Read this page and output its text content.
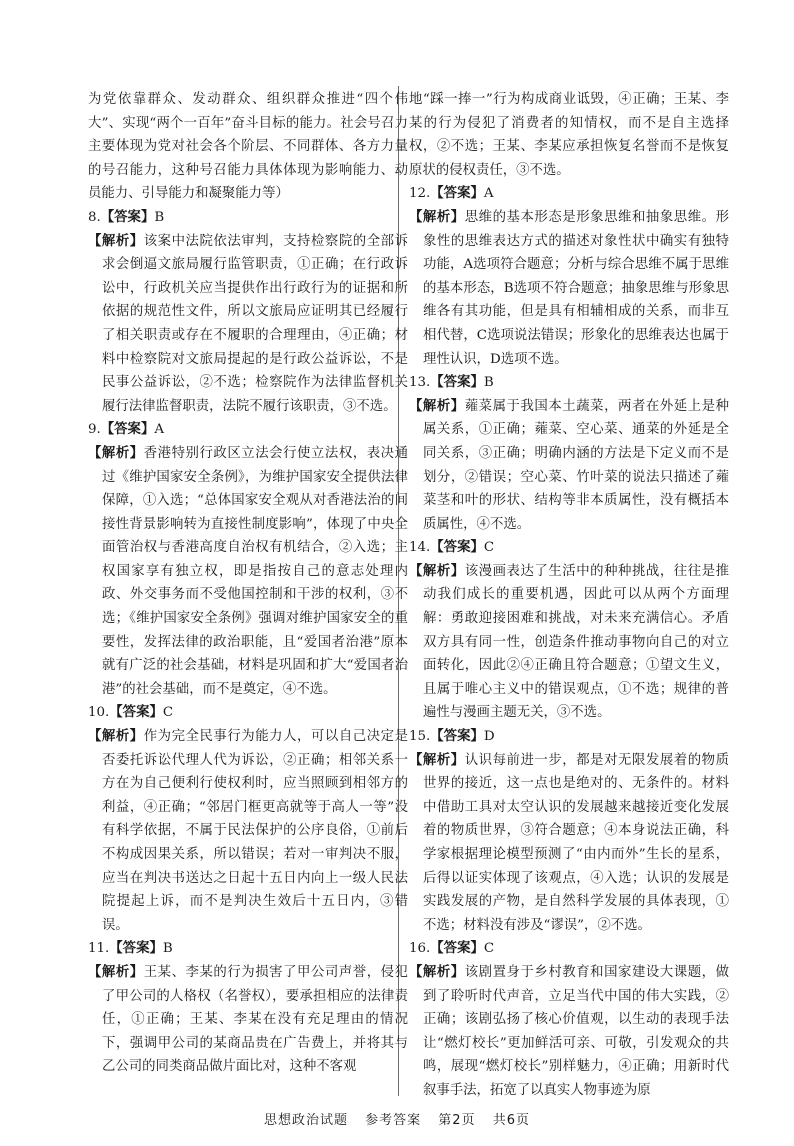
为党依靠群众、发动群众、组织群众推进“四个伟大”、实现“两个一百年”奋斗目标的能力。社会号召力主要体现为党对社会各个阶层、不同群体、各方力量的号召能力，这种号召能力具体体现为影响能力、动员能力、引导能力和凝聚能力等）

8.【答案】B

【解析】该案中法院依法审判，支持检察院的全部诉求会倒逼文旅局履行监管职责，①正确；在行政诉讼中，行政机关应当提供作出行政行为的证据和所依据的规范性文件，所以文旅局应证明其已经履行了相关职责或存在不履职的合理理由，④正确；材料中检察院对文旅局提起的是行政公益诉讼，不是民事公益诉讼，②不选；检察院作为法律监督机关履行法律监督职责，法院不履行该职责，③不选。

9.【答案】A

【解析】香港特别行政区立法会行使立法权，表决通过《维护国家安全条例》，为维护国家安全提供法律保障，①入选；“总体国家安全观从对香港法治的间接性背景影响转为直接性制度影响”，体现了中央全面管治权与香港高度自治权有机结合，②入选；主权国家享有独立权，即是指按自己的意志处理内政、外交事务而不受他国控制和干涉的权利，③不选；《维护国家安全条例》强调对维护国家安全的重要性，发挥法律的政治职能，且“爱国者治港”原本就有广泛的社会基础，材料是巩固和扩大“爱国者治港”的社会基础，而不是奠定，④不选。

10.【答案】C

【解析】作为完全民事行为能力人，可以自己决定是否委托诉讼代理人代为诉讼，②正确；相邻关系一方在为自己便利行使权利时，应当照顾到相邻方的利益，④正确；“邻居门框更高就等于高人一等”没有科学依据，不属于民法保护的公序良俗，①前后不构成因果关系，所以错误；若对一审判决不服，应当在判决书送达之日起十五日内向上一级人民法院提起上诉，而不是判决生效后十五日内，③错误。

11.【答案】B

【解析】王某、李某的行为损害了甲公司声誉，侵犯了甲公司的人格权（名誉权），要承担相应的法律责任，①正确；王某、李某在没有充足理由的情况下，强调甲公司的某商品贵在广告费上，并将其与乙公司的同类商品做片面比对，这种不客观

地“踩一捧一”行为构成商业诋毁，④正确；王某、李某的行为侵犯了消费者的知情权，而不是自主选择权，②不选；王某、李某应承担恢复名誉而不是恢复原状的侵权责任，③不选。

12.【答案】A

【解析】思维的基本形态是形象思维和抽象思维。形象性的思维表达方式的描述对象性状中确实有独特功能，A选项符合题意；分析与综合思维不属于思维的基本形态，B选项不符合题意；抽象思维与形象思维各有其功能，但是具有相辅相成的关系，而非互相代替，C选项说法错误；形象化的思维表达也属于理性认识，D选项不选。

13.【答案】B

【解析】蕹菜属于我国本土蔬菜，两者在外延上是种属关系，①正确；蕹菜、空心菜、通菜的外延是全同关系，③正确；明确内涵的方法是下定义而不是划分，②错误；空心菜、竹叶菜的说法只描述了蕹菜茎和叶的形状、结构等非本质属性，没有概括本质属性，④不选。

14.【答案】C

【解析】该漫画表达了生活中的种种挑战，往往是推动我们成长的重要机遇，因此可以从两个方面理解：勇敢迎接困难和挑战，对未来充满信心。矛盾双方具有同一性，创造条件推动事物向自己的对立面转化，因此②④正确且符合题意；①望文生义，且属于唯心主义中的错误观点，①不选；规律的普遍性与漫画主题无关，③不选。

15.【答案】D

【解析】认识每前进一步，都是对无限发展着的物质世界的接近，这一点也是绝对的、无条件的。材料中借助工具对太空认识的发展越来越接近变化发展着的物质世界，③符合题意；④本身说法正确，科学家根据理论模型预测了“由内而外”生长的星系，后得以证实体现了该观点，④入选；认识的发展是实践发展的产物，是自然科学发展的具体表现，①不选；材料没有涉及“谬误”，②不选。

16.【答案】C

【解析】该剧置身于乡村教育和国家建设大课题，做到了聆听时代声音，立足当代中国的伟大实践，②正确；该剧弘扬了核心价值观，以生动的表现手法让“燃灯校长”更加鲜活可亲、可敬，引发观众的共鸣，展现“燃灯校长”别样魅力，④正确；用新时代叙事手法，拓宽了以真实人物事迹为原

思想政治试题 参考答案 第2页 共6页
